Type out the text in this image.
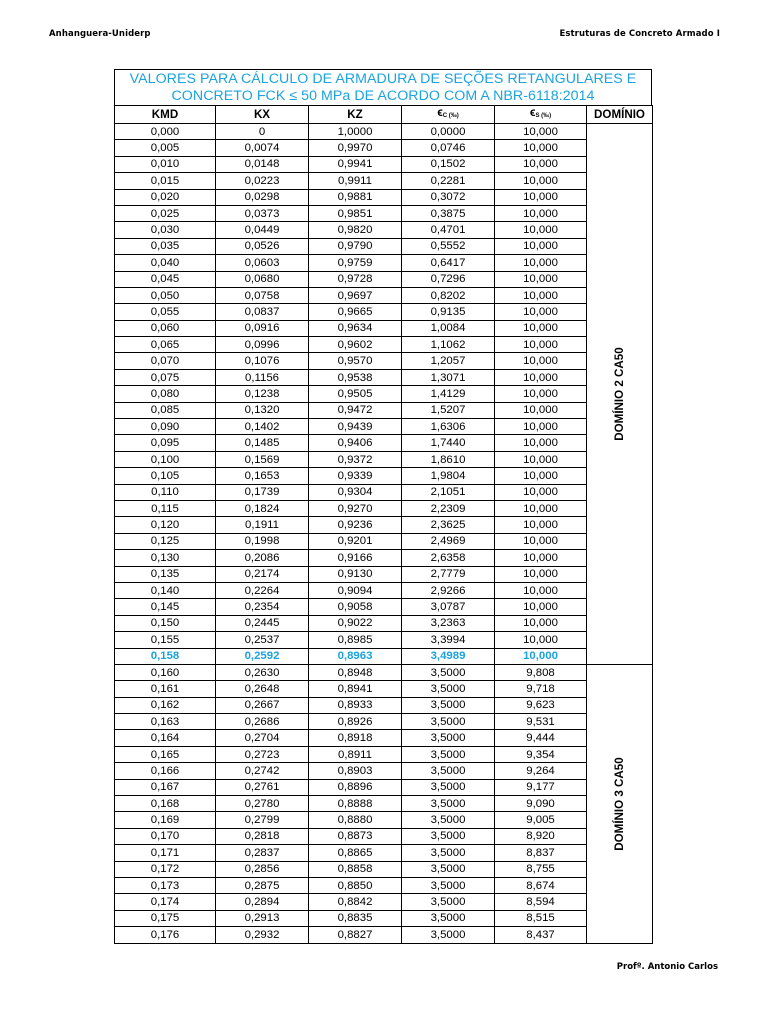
Anhanguera-Uniderp	Estruturas de Concreto Armado I
VALORES PARA CÁLCULO DE ARMADURA DE SEÇÕES RETANGULARES E
CONCRETO FCK ≤ 50 MPa DE ACORDO COM A NBR-6118:2014
KMD	KX	KZ	ϵC (‰)	ϵS (‰)	DOMÍNIO
0,000	0	1,0000	0,0000	10,000	DOMÍNIO 2 CA50

0,005	0,0074	0,9970	0,0746	10,000	
0,010	0,0148	0,9941	0,1502	10,000	
0,015	0,0223	0,9911	0,2281	10,000	
0,020	0,0298	0,9881	0,3072	10,000	
0,025	0,0373	0,9851	0,3875	10,000	
0,030	0,0449	0,9820	0,4701	10,000	
0,035	0,0526	0,9790	0,5552	10,000	
0,040	0,0603	0,9759	0,6417	10,000	
0,045	0,0680	0,9728	0,7296	10,000	
0,050	0,0758	0,9697	0,8202	10,000	
0,055	0,0837	0,9665	0,9135	10,000	
0,060	0,0916	0,9634	1,0084	10,000	
0,065	0,0996	0,9602	1,1062	10,000	
0,070	0,1076	0,9570	1,2057	10,000	
0,075	0,1156	0,9538	1,3071	10,000	
0,080	0,1238	0,9505	1,4129	10,000	
0,085	0,1320	0,9472	1,5207	10,000	
0,090	0,1402	0,9439	1,6306	10,000	
0,095	0,1485	0,9406	1,7440	10,000	
0,100	0,1569	0,9372	1,8610	10,000	
0,105	0,1653	0,9339	1,9804	10,000	
0,110	0,1739	0,9304	2,1051	10,000	
0,115	0,1824	0,9270	2,2309	10,000	
0,120	0,1911	0,9236	2,3625	10,000	
0,125	0,1998	0,9201	2,4969	10,000	
0,130	0,2086	0,9166	2,6358	10,000	
0,135	0,2174	0,9130	2,7779	10,000	
0,140	0,2264	0,9094	2,9266	10,000	
0,145	0,2354	0,9058	3,0787	10,000	
0,150	0,2445	0,9022	3,2363	10,000	
0,155	0,2537	0,8985	3,3994	10,000	
0,158	0,2592	0,8963	3,4989	10,000	
0,160	0,2630	0,8948	3,5000	9,808	DOMÍNIO 3 CA50

0,161	0,2648	0,8941	3,5000	9,718	
0,162	0,2667	0,8933	3,5000	9,623	
0,163	0,2686	0,8926	3,5000	9,531	
0,164	0,2704	0,8918	3,5000	9,444	
0,165	0,2723	0,8911	3,5000	9,354	
0,166	0,2742	0,8903	3,5000	9,264	
0,167	0,2761	0,8896	3,5000	9,177	
0,168	0,2780	0,8888	3,5000	9,090	
0,169	0,2799	0,8880	3,5000	9,005	
0,170	0,2818	0,8873	3,5000	8,920	
0,171	0,2837	0,8865	3,5000	8,837	
0,172	0,2856	0,8858	3,5000	8,755	
0,173	0,2875	0,8850	3,5000	8,674	
0,174	0,2894	0,8842	3,5000	8,594	
0,175	0,2913	0,8835	3,5000	8,515	
0,176	0,2932	0,8827	3,5000	8,437	
Profº. Antonio Carlos
